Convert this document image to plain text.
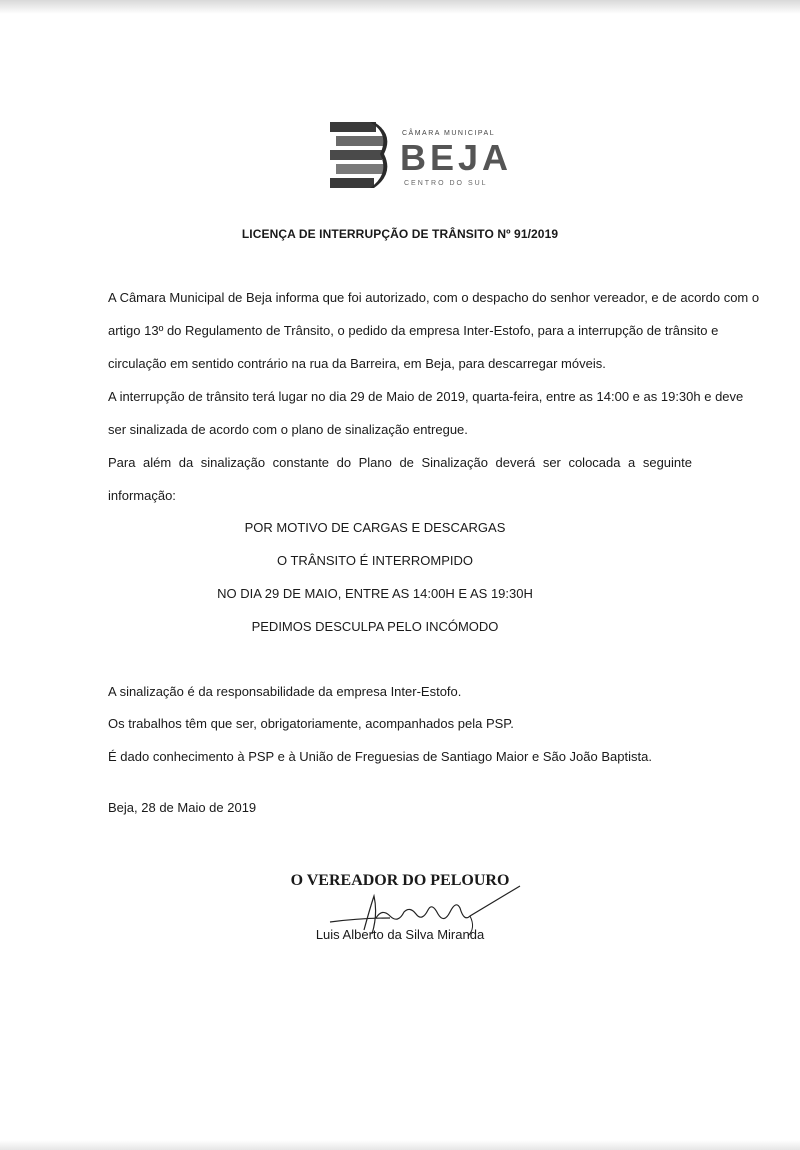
CÂMARA MUNICIPAL
BEJA
CENTRO DO SUL
LICENÇA DE INTERRUPÇÃO DE TRÂNSITO Nº 91/2019
A Câmara Municipal de Beja informa que foi autorizado, com o despacho do senhor vereador, e de acordo com o
artigo 13º do Regulamento de Trânsito, o pedido da empresa Inter-Estofo, para a interrupção de trânsito e
circulação em sentido contrário na rua da Barreira, em Beja, para descarregar móveis.
A interrupção de trânsito terá lugar no dia 29 de Maio de 2019, quarta-feira, entre as 14:00 e as 19:30h e deve
ser sinalizada de acordo com o plano de sinalização entregue.
Para além da sinalização constante do Plano de Sinalização deverá ser colocada a seguinte
informação:
POR MOTIVO DE CARGAS E DESCARGAS
O TRÂNSITO É INTERROMPIDO
NO DIA 29 DE MAIO, ENTRE AS 14:00H E AS 19:30H
PEDIMOS DESCULPA PELO INCÓMODO
A sinalização é da responsabilidade da empresa Inter-Estofo.
Os trabalhos têm que ser, obrigatoriamente, acompanhados pela PSP.
É dado conhecimento à PSP e à União de Freguesias de Santiago Maior e São João Baptista.
Beja, 28 de Maio de 2019
O VEREADOR DO PELOURO
Luis Alberto da Silva Miranda
